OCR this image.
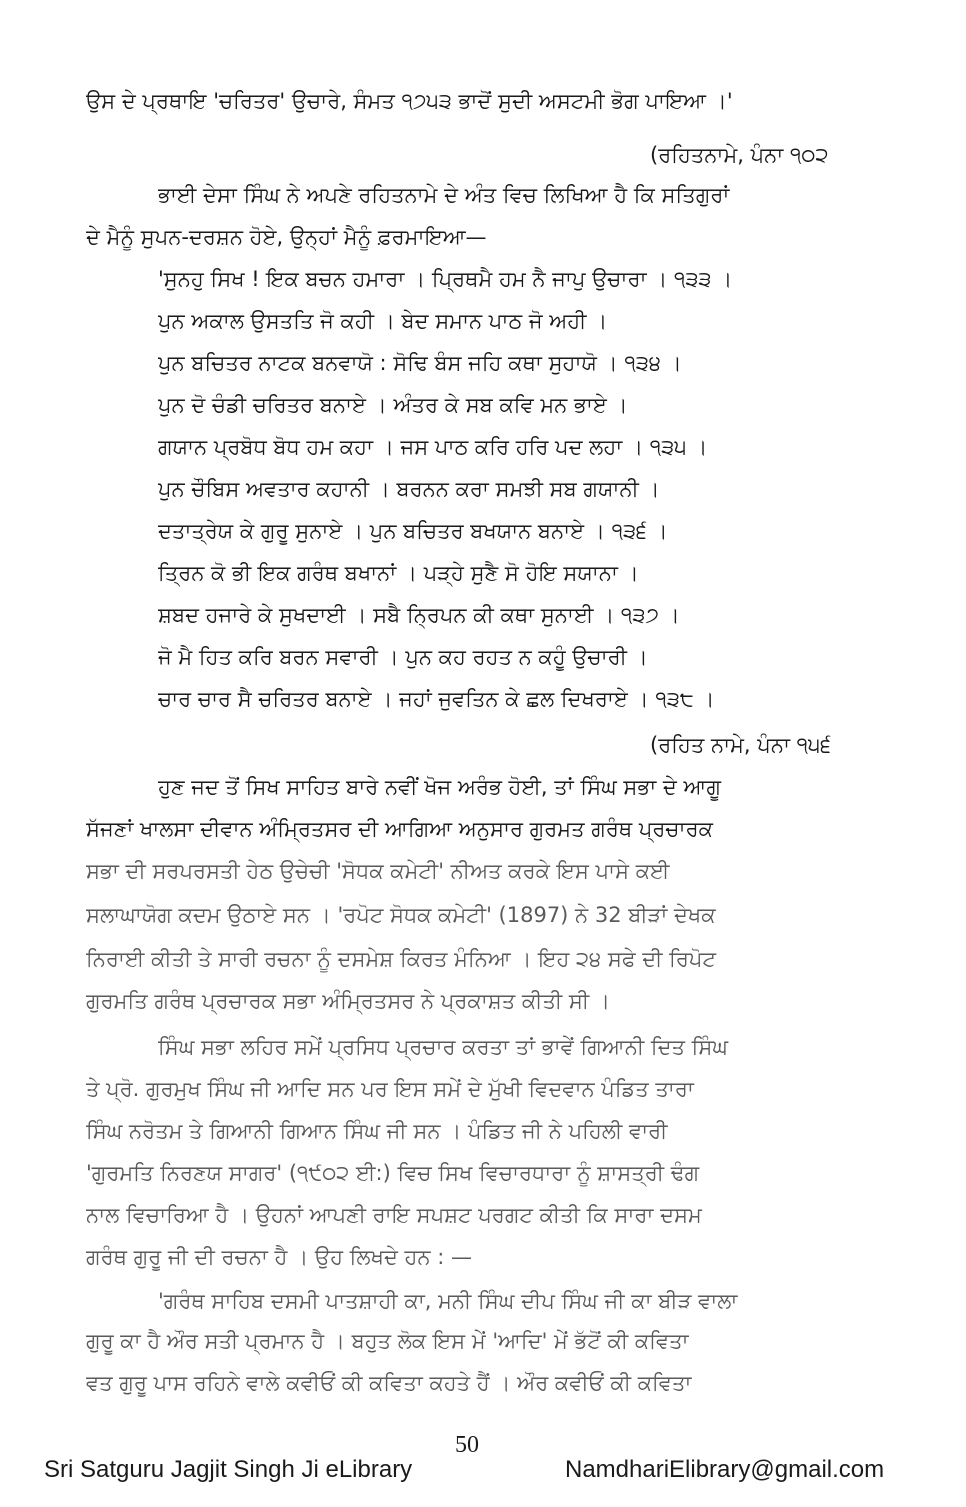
ਉਸ ਦੇ ਪ੍ਰਥਾਇ 'ਚਰਿਤਰ' ਉਚਾਰੇ, ਸੰਮਤ ੧੭੫੩ ਭਾਦੋਂ ਸੁਦੀ ਅਸਟਮੀ ਭੋਗ ਪਾਇਆ ।'
(ਰਹਿਤਨਾਮੇ, ਪੰਨਾ ੧੦੨
ਭਾਈ ਦੇਸਾ ਸਿੰਘ ਨੇ ਅਪਣੇ ਰਹਿਤਨਾਮੇ ਦੇ ਅੰਤ ਵਿਚ ਲਿਖਿਆ ਹੈ ਕਿ ਸਤਿਗੁਰਾਂ
ਦੇ ਮੈਨੂੰ ਸੁਪਨ-ਦਰਸ਼ਨ ਹੋਏ, ਉਨ੍ਹਾਂ ਮੈਨੂੰ ਫ਼ਰਮਾਇਆ—
'ਸੁਨਹੁ ਸਿਖ ! ਇਕ ਬਚਨ ਹਮਾਰਾ । ਪ੍ਰਿਥਮੈ ਹਮ ਨੈ ਜਾਪੁ ਉਚਾਰਾ । ੧੩੩ ।
ਪੁਨ ਅਕਾਲ ਉਸਤਤਿ ਜੋ ਕਹੀ । ਬੇਦ ਸਮਾਨ ਪਾਠ ਜੋ ਅਹੀ ।
ਪੁਨ ਬਚਿਤਰ ਨਾਟਕ ਬਨਵਾਯੋ : ਸੋਢਿ ਬੰਸ ਜਹਿ ਕਥਾ ਸੁਹਾਯੋ । ੧੩੪ ।
ਪੁਨ ਦੋ ਚੰਡੀ ਚਰਿਤਰ ਬਨਾਏ । ਅੰਤਰ ਕੇ ਸਬ ਕਵਿ ਮਨ ਭਾਏ ।
ਗਯਾਨ ਪ੍ਰਬੋਧ ਬੋਧ ਹਮ ਕਹਾ । ਜਸ ਪਾਠ ਕਰਿ ਹਰਿ ਪਦ ਲਹਾ । ੧੩੫ ।
ਪੁਨ ਚੌਬਿਸ ਅਵਤਾਰ ਕਹਾਨੀ । ਬਰਨਨ ਕਰਾ ਸਮਝੀ ਸਬ ਗਯਾਨੀ ।
ਦਤਾਤ੍ਰੇਯ ਕੇ ਗੁਰੂ ਸੁਨਾਏ । ਪੁਨ ਬਚਿਤਰ ਬਖਯਾਨ ਬਨਾਏ । ੧੩੬ ।
ਤ੍ਰਿਨ ਕੋ ਭੀ ਇਕ ਗਰੰਥ ਬਖਾਨਾਂ । ਪੜ੍ਹੇ ਸੁਣੈ ਸੋ ਹੋਇ ਸਯਾਨਾ ।
ਸ਼ਬਦ ਹਜਾਰੇ ਕੇ ਸੁਖਦਾਈ । ਸਬੈ ਨ੍ਰਿਪਨ ਕੀ ਕਥਾ ਸੁਨਾਈ । ੧੩੭ ।
ਜੋ ਮੈ ਹਿਤ ਕਰਿ ਬਰਨ ਸਵਾਰੀ । ਪੁਨ ਕਹ ਰਹਤ ਨ ਕਹੂੰ ਉਚਾਰੀ ।
ਚਾਰ ਚਾਰ ਸੈ ਚਰਿਤਰ ਬਨਾਏ । ਜਹਾਂ ਜੁਵਤਿਨ ਕੇ ਛਲ ਦਿਖਰਾਏ । ੧੩੮ ।
(ਰਹਿਤ ਨਾਮੇ, ਪੰਨਾ ੧੫੬
ਹੁਣ ਜਦ ਤੋਂ ਸਿਖ ਸਾਹਿਤ ਬਾਰੇ ਨਵੀਂ ਖੋਜ ਅਰੰਭ ਹੋਈ, ਤਾਂ ਸਿੰਘ ਸਭਾ ਦੇ ਆਗੂ
ਸੱਜਣਾਂ ਖਾਲਸਾ ਦੀਵਾਨ ਅੰਮ੍ਰਿਤਸਰ ਦੀ ਆਗਿਆ ਅਨੁਸਾਰ ਗੁਰਮਤ ਗਰੰਥ ਪ੍ਰਚਾਰਕ
ਸਭਾ ਦੀ ਸਰਪਰਸਤੀ ਹੇਠ ਉਚੇਚੀ 'ਸੋਧਕ ਕਮੇਟੀ' ਨੀਅਤ ਕਰਕੇ ਇਸ ਪਾਸੇ ਕਈ
ਸਲਾਘਾਯੋਗ ਕਦਮ ਉਠਾਏ ਸਨ । 'ਰਪੋਟ ਸੋਧਕ ਕਮੇਟੀ' (1897) ਨੇ 32 ਬੀੜਾਂ ਦੇਖਕ
ਨਿਰਾਈ ਕੀਤੀ ਤੇ ਸਾਰੀ ਰਚਨਾ ਨੂੰ ਦਸਮੇਸ਼ ਕਿਰਤ ਮੰਨਿਆ । ਇਹ ੨੪ ਸਫੇ ਦੀ ਰਿਪੋਟ
ਗੁਰਮਤਿ ਗਰੰਥ ਪ੍ਰਚਾਰਕ ਸਭਾ ਅੰਮ੍ਰਿਤਸਰ ਨੇ ਪ੍ਰਕਾਸ਼ਤ ਕੀਤੀ ਸੀ ।
ਸਿੰਘ ਸਭਾ ਲਹਿਰ ਸਮੇਂ ਪ੍ਰਸਿਧ ਪ੍ਰਚਾਰ ਕਰਤਾ ਤਾਂ ਭਾਵੇਂ ਗਿਆਨੀ ਦਿਤ ਸਿੰਘ
ਤੇ ਪ੍ਰੋ. ਗੁਰਮੁਖ ਸਿੰਘ ਜੀ ਆਦਿ ਸਨ ਪਰ ਇਸ ਸਮੇਂ ਦੇ ਮੁੱਖੀ ਵਿਦਵਾਨ ਪੰਡਿਤ ਤਾਰਾ
ਸਿੰਘ ਨਰੋਤਮ ਤੇ ਗਿਆਨੀ ਗਿਆਨ ਸਿੰਘ ਜੀ ਸਨ । ਪੰਡਿਤ ਜੀ ਨੇ ਪਹਿਲੀ ਵਾਰੀ
'ਗੁਰਮਤਿ ਨਿਰਣਯ ਸਾਗਰ' (੧੯੦੨ ਈ:) ਵਿਚ ਸਿਖ ਵਿਚਾਰਧਾਰਾ ਨੂੰ ਸ਼ਾਸਤ੍ਰੀ ਢੰਗ
ਨਾਲ ਵਿਚਾਰਿਆ ਹੈ । ਉਹਨਾਂ ਆਪਣੀ ਰਾਇ ਸਪਸ਼ਟ ਪਰਗਟ ਕੀਤੀ ਕਿ ਸਾਰਾ ਦਸਮ
ਗਰੰਥ ਗੁਰੂ ਜੀ ਦੀ ਰਚਨਾ ਹੈ । ਉਹ ਲਿਖਦੇ ਹਨ : —
'ਗਰੰਥ ਸਾਹਿਬ ਦਸਮੀ ਪਾਤਸ਼ਾਹੀ ਕਾ, ਮਨੀ ਸਿੰਘ ਦੀਪ ਸਿੰਘ ਜੀ ਕਾ ਬੀੜ ਵਾਲਾ
ਗੁਰੂ ਕਾ ਹੈ ਔਰ ਸਤੀ ਪ੍ਰਮਾਨ ਹੈ । ਬਹੁਤ ਲੋਕ ਇਸ ਮੇਂ 'ਆਦਿ' ਮੇਂ ਭੱਟੋਂ ਕੀ ਕਵਿਤਾ
ਵਤ ਗੁਰੂ ਪਾਸ ਰਹਿਨੇ ਵਾਲੇ ਕਵੀਓਂ ਕੀ ਕਵਿਤਾ ਕਹਤੇ ਹੈਂ । ਔਰ ਕਵੀਓਂ ਕੀ ਕਵਿਤਾ
50
Sri Satguru Jagjit Singh Ji eLibrary	NamdhariElibrary@gmail.com
